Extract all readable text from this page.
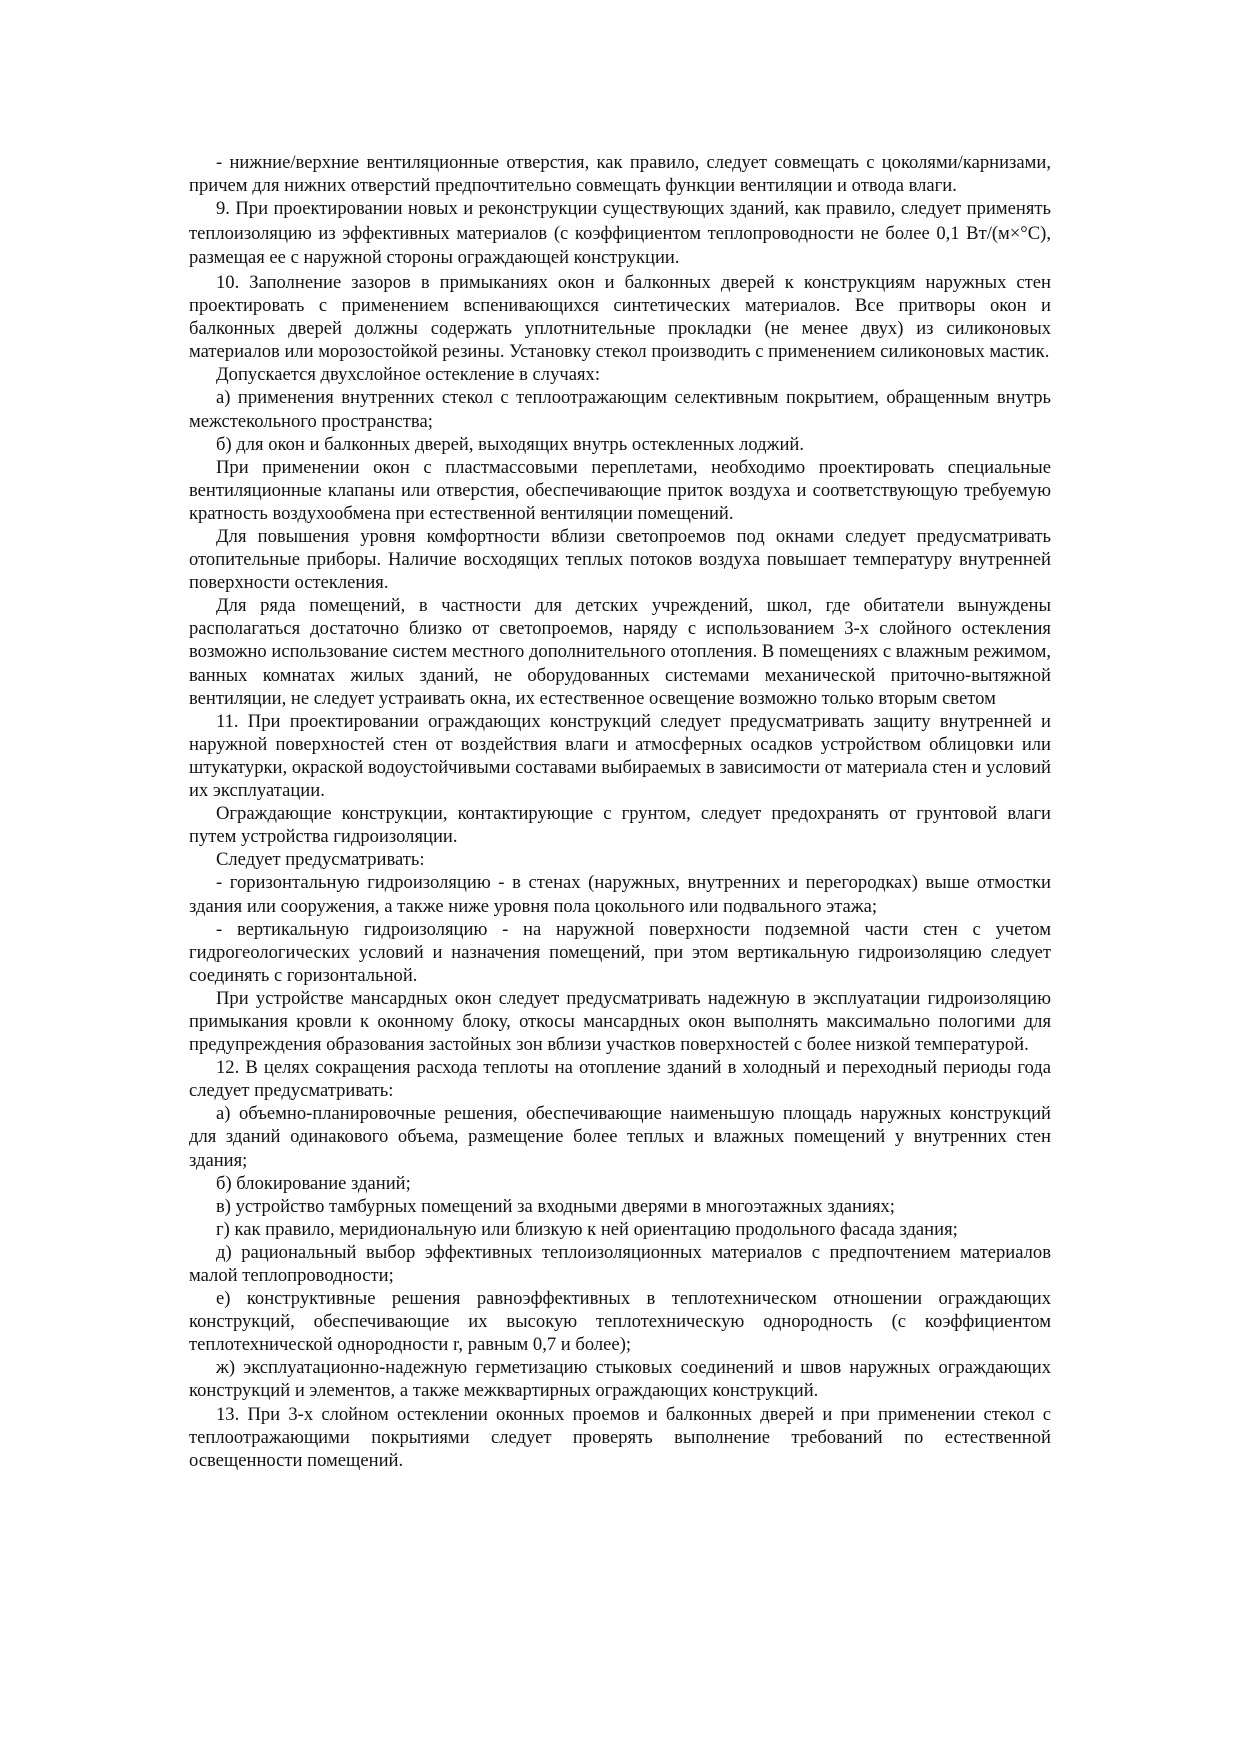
- нижние/верхние вентиляционные отверстия, как правило, следует совмещать с цоколями/карнизами, причем для нижних отверстий предпочтительно совмещать функции вентиляции и отвода влаги.

9. При проектировании новых и реконструкции существующих зданий, как правило, следует применять теплоизоляцию из эффективных материалов (с коэффициентом теплопроводности не более 0,1 Вт/(м×°С), размещая ее с наружной стороны ограждающей конструкции.

10. Заполнение зазоров в примыканиях окон и балконных дверей к конструкциям наружных стен проектировать с применением вспенивающихся синтетических материалов. Все притворы окон и балконных дверей должны содержать уплотнительные прокладки (не менее двух) из силиконовых материалов или морозостойкой резины. Установку стекол производить с применением силиконовых мастик.

Допускается двухслойное остекление в случаях:

а) применения внутренних стекол с теплоотражающим селективным покрытием, обращенным внутрь межстекольного пространства;

б) для окон и балконных дверей, выходящих внутрь остекленных лоджий.

При применении окон с пластмассовыми переплетами, необходимо проектировать специальные вентиляционные клапаны или отверстия, обеспечивающие приток воздуха и соответствующую требуемую кратность воздухообмена при естественной вентиляции помещений.

Для повышения уровня комфортности вблизи светопроемов под окнами следует предусматривать отопительные приборы. Наличие восходящих теплых потоков воздуха повышает температуру внутренней поверхности остекления.

Для ряда помещений, в частности для детских учреждений, школ, где обитатели вынуждены располагаться достаточно близко от светопроемов, наряду с использованием 3-х слойного остекления возможно использование систем местного дополнительного отопления. В помещениях с влажным режимом, ванных комнатах жилых зданий, не оборудованных системами механической приточно-вытяжной вентиляции, не следует устраивать окна, их естественное освещение возможно только вторым светом

11. При проектировании ограждающих конструкций следует предусматривать защиту внутренней и наружной поверхностей стен от воздействия влаги и атмосферных осадков устройством облицовки или штукатурки, окраской водоустойчивыми составами выбираемых в зависимости от материала стен и условий их эксплуатации.

Ограждающие конструкции, контактирующие с грунтом, следует предохранять от грунтовой влаги путем устройства гидроизоляции.

Следует предусматривать:

- горизонтальную гидроизоляцию - в стенах (наружных, внутренних и перегородках) выше отмостки здания или сооружения, а также ниже уровня пола цокольного или подвального этажа;

- вертикальную гидроизоляцию - на наружной поверхности подземной части стен с учетом гидрогеологических условий и назначения помещений, при этом вертикальную гидроизоляцию следует соединять с горизонтальной.

При устройстве мансардных окон следует предусматривать надежную в эксплуатации гидроизоляцию примыкания кровли к оконному блоку, откосы мансардных окон выполнять максимально пологими для предупреждения образования застойных зон вблизи участков поверхностей с более низкой температурой.

12. В целях сокращения расхода теплоты на отопление зданий в холодный и переходный периоды года следует предусматривать:

а) объемно-планировочные решения, обеспечивающие наименьшую площадь наружных конструкций для зданий одинакового объема, размещение более теплых и влажных помещений у внутренних стен здания;

б) блокирование зданий;

в) устройство тамбурных помещений за входными дверями в многоэтажных зданиях;

г) как правило, меридиональную или близкую к ней ориентацию продольного фасада здания;

д) рациональный выбор эффективных теплоизоляционных материалов с предпочтением материалов малой теплопроводности;

е) конструктивные решения равноэффективных в теплотехническом отношении ограждающих конструкций, обеспечивающие их высокую теплотехническую однородность (с коэффициентом теплотехнической однородности r, равным 0,7 и более);

ж) эксплуатационно-надежную герметизацию стыковых соединений и швов наружных ограждающих конструкций и элементов, а также межквартирных ограждающих конструкций.

13. При 3-х слойном остеклении оконных проемов и балконных дверей и при применении стекол с теплоотражающими покрытиями следует проверять выполнение требований по естественной освещенности помещений.
